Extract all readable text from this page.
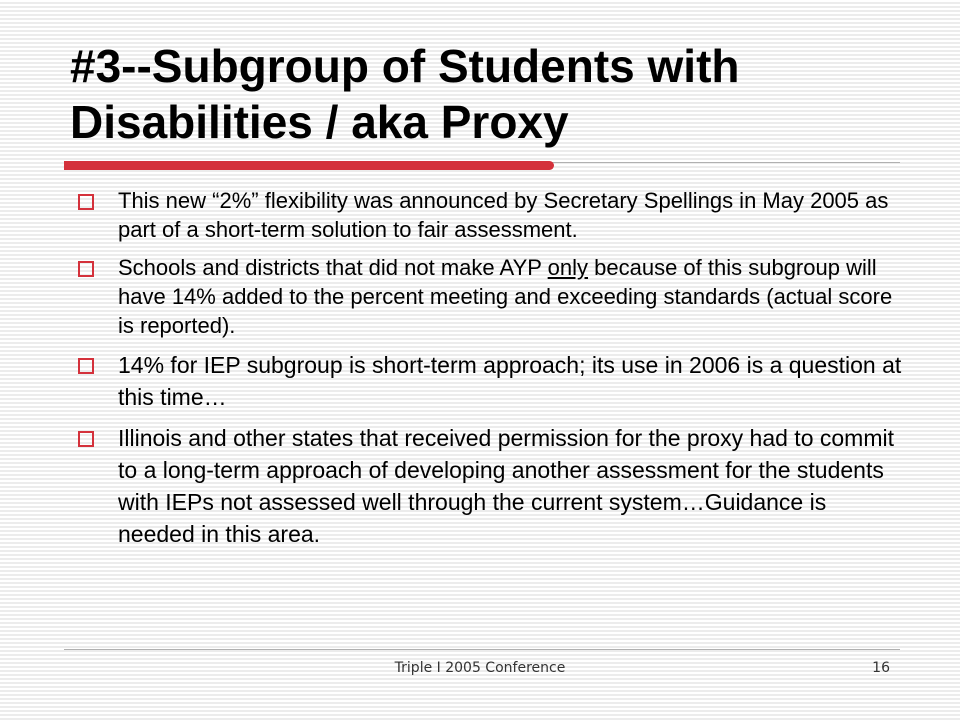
#3--Subgroup of Students with Disabilities / aka Proxy
This new “2%” flexibility was announced by Secretary Spellings in May 2005 as part of a short-term solution to fair assessment.
Schools and districts that did not make AYP only because of this subgroup will have 14% added to the percent meeting and exceeding standards (actual score is reported).
14% for IEP subgroup is short-term approach; its use in 2006 is a question at this time…
Illinois and other states that received permission for the proxy had to commit to a long-term approach of developing another assessment for the students with IEPs not assessed well through the current system…Guidance is needed in this area.
Triple I 2005 Conference	16
